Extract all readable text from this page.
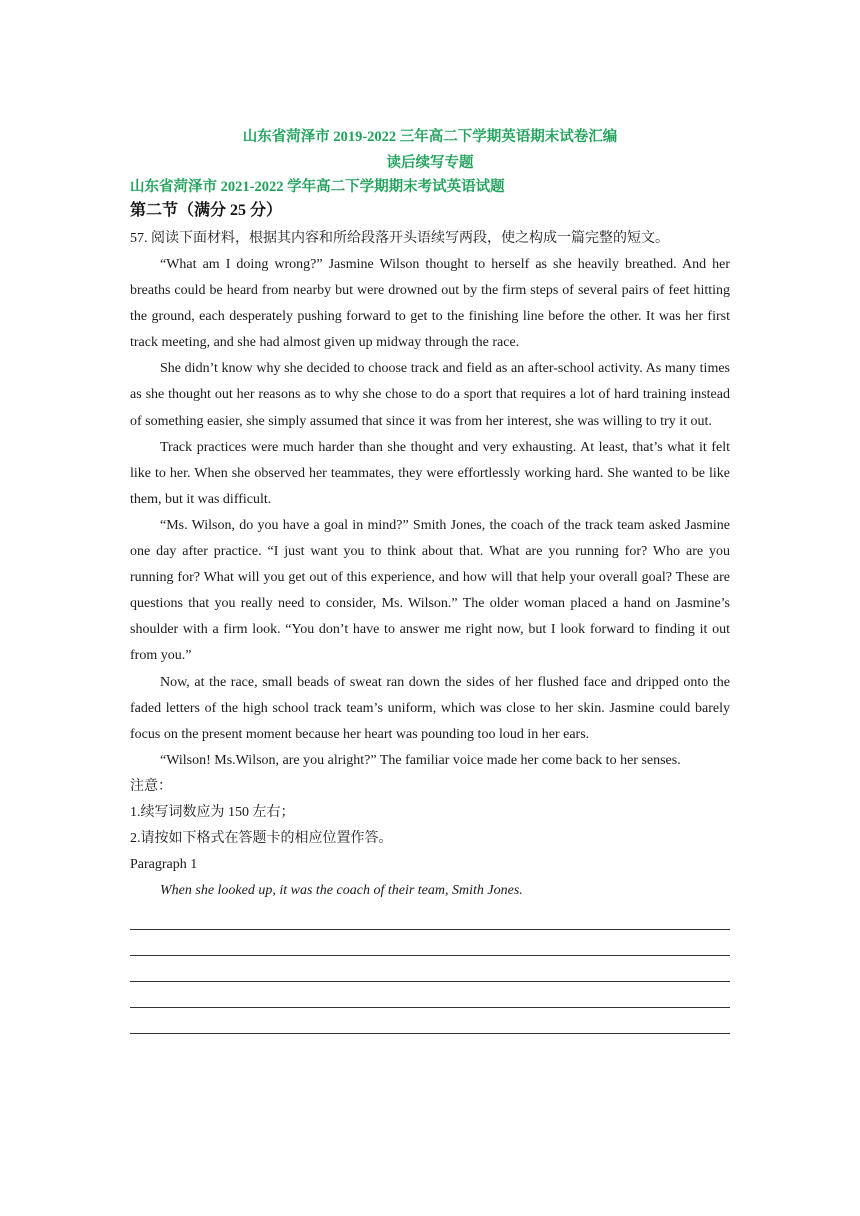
山东省菏泽市 2019-2022 三年高二下学期英语期末试卷汇编
读后续写专题
山东省菏泽市 2021-2022 学年高二下学期期末考试英语试题
第二节（满分 25 分）
57. 阅读下面材料，根据其内容和所给段落开头语续写两段，使之构成一篇完整的短文。

“What am I doing wrong?” Jasmine Wilson thought to herself as she heavily breathed. And her breaths could be heard from nearby but were drowned out by the firm steps of several pairs of feet hitting the ground, each desperately pushing forward to get to the finishing line before the other. It was her first track meeting, and she had almost given up midway through the race.

She didn’t know why she decided to choose track and field as an after-school activity. As many times as she thought out her reasons as to why she chose to do a sport that requires a lot of hard training instead of something easier, she simply assumed that since it was from her interest, she was willing to try it out.

Track practices were much harder than she thought and very exhausting. At least, that’s what it felt like to her. When she observed her teammates, they were effortlessly working hard. She wanted to be like them, but it was difficult.

“Ms. Wilson, do you have a goal in mind?” Smith Jones, the coach of the track team asked Jasmine one day after practice. “I just want you to think about that. What are you running for? Who are you running for? What will you get out of this experience, and how will that help your overall goal? These are questions that you really need to consider, Ms. Wilson.” The older woman placed a hand on Jasmine’s shoulder with a firm look. “You don’t have to answer me right now, but I look forward to finding it out from you.”

Now, at the race, small beads of sweat ran down the sides of her flushed face and dripped onto the faded letters of the high school track team’s uniform, which was close to her skin. Jasmine could barely focus on the present moment because her heart was pounding too loud in her ears.

“Wilson! Ms.Wilson, are you alright?” The familiar voice made her come back to her senses.

注意：

1.续写词数应为 150 左右；

2.请按如下格式在答题卡的相应位置作答。

Paragraph 1

When she looked up, it was the coach of their team, Smith Jones.
